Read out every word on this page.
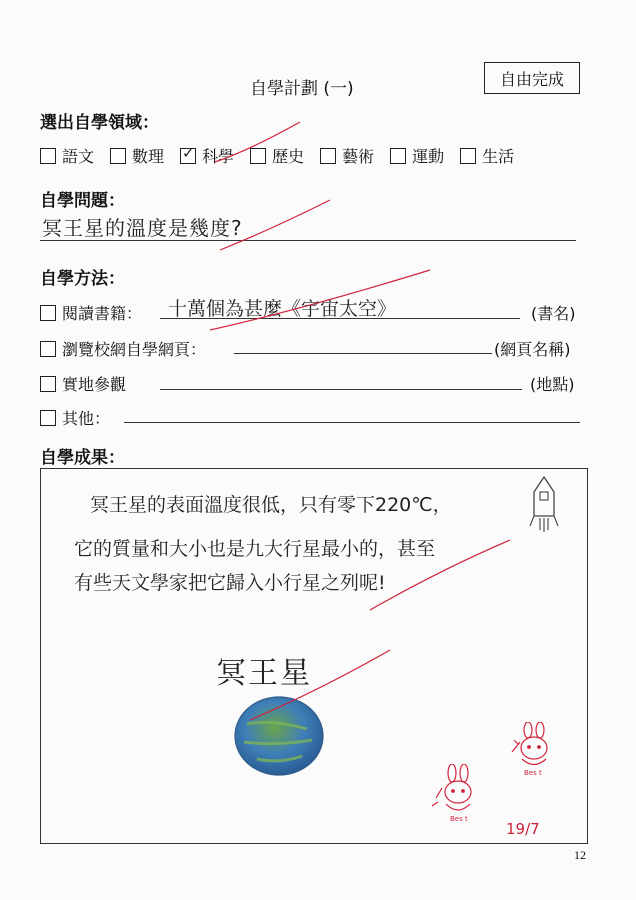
自學計劃 (一)	自由完成
選出自學領域：
語文 數理
✓ 科學 歷史 藝術 運動 生活
自學問題：
冥王星的溫度是幾度?
自學方法：
閱讀書籍： 十萬個為甚麼《宇宙太空》	(書名)
瀏覽校網自學網頁：	(網頁名稱)
實地參觀	(地點)
其他：
自學成果：
冥王星的表面溫度很低，只有零下220℃，
它的質量和大小也是九大行星最小的，甚至
有些天文學家把它歸入小行星之列呢!
冥王星
Bes t
Bes t
19/7
12
